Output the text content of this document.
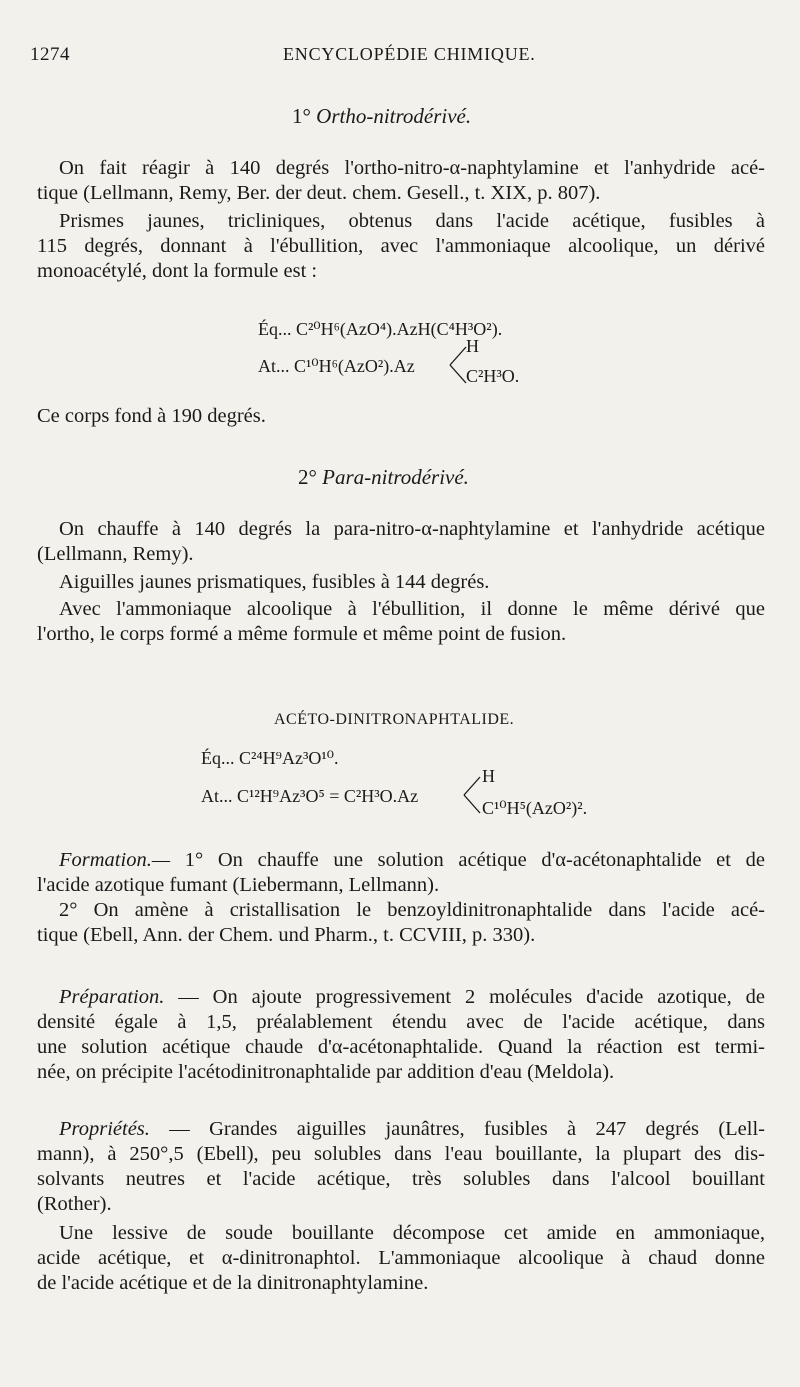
1274	ENCYCLOPÉDIE CHIMIQUE.
1° Ortho-nitrodérivé.
On fait réagir à 140 degrés l'ortho-nitro-α-naphtylamine et l'anhydride acé-
tique (Lellmann, Remy, Ber. der deut. chem. Gesell., t. XIX, p. 807).
Prismes jaunes, tricliniques, obtenus dans l'acide acétique, fusibles à
115 degrés, donnant à l'ébullition, avec l'ammoniaque alcoolique, un dérivé
monoacétylé, dont la formule est :
Éq... C²⁰H⁶(AzO⁴).AzH(C⁴H³O²).
At... C¹⁰H⁶(AzO²).Az
H
C²H³O.
Ce corps fond à 190 degrés.
2° Para-nitrodérivé.
On chauffe à 140 degrés la para-nitro-α-naphtylamine et l'anhydride acétique
(Lellmann, Remy).
Aiguilles jaunes prismatiques, fusibles à 144 degrés.
Avec l'ammoniaque alcoolique à l'ébullition, il donne le même dérivé que
l'ortho, le corps formé a même formule et même point de fusion.
ACÉTO-DINITRONAPHTALIDE.
Éq... C²⁴H⁹Az³O¹⁰.
At... C¹²H⁹Az³O⁵ = C²H³O.Az
H
C¹⁰H⁵(AzO²)².
Formation.— 1° On chauffe une solution acétique d'α-acétonaphtalide et de
l'acide azotique fumant (Liebermann, Lellmann).
2° On amène à cristallisation le benzoyldinitronaphtalide dans l'acide acé-
tique (Ebell, Ann. der Chem. und Pharm., t. CCVIII, p. 330).
Préparation. — On ajoute progressivement 2 molécules d'acide azotique, de
densité égale à 1,5, préalablement étendu avec de l'acide acétique, dans
une solution acétique chaude d'α-acétonaphtalide. Quand la réaction est termi-
née, on précipite l'acétodinitronaphtalide par addition d'eau (Meldola).
Propriétés. — Grandes aiguilles jaunâtres, fusibles à 247 degrés (Lell-
mann), à 250°,5 (Ebell), peu solubles dans l'eau bouillante, la plupart des dis-
solvants neutres et l'acide acétique, très solubles dans l'alcool bouillant
(Rother).
Une lessive de soude bouillante décompose cet amide en ammoniaque,
acide acétique, et α-dinitronaphtol. L'ammoniaque alcoolique à chaud donne
de l'acide acétique et de la dinitronaphtylamine.
